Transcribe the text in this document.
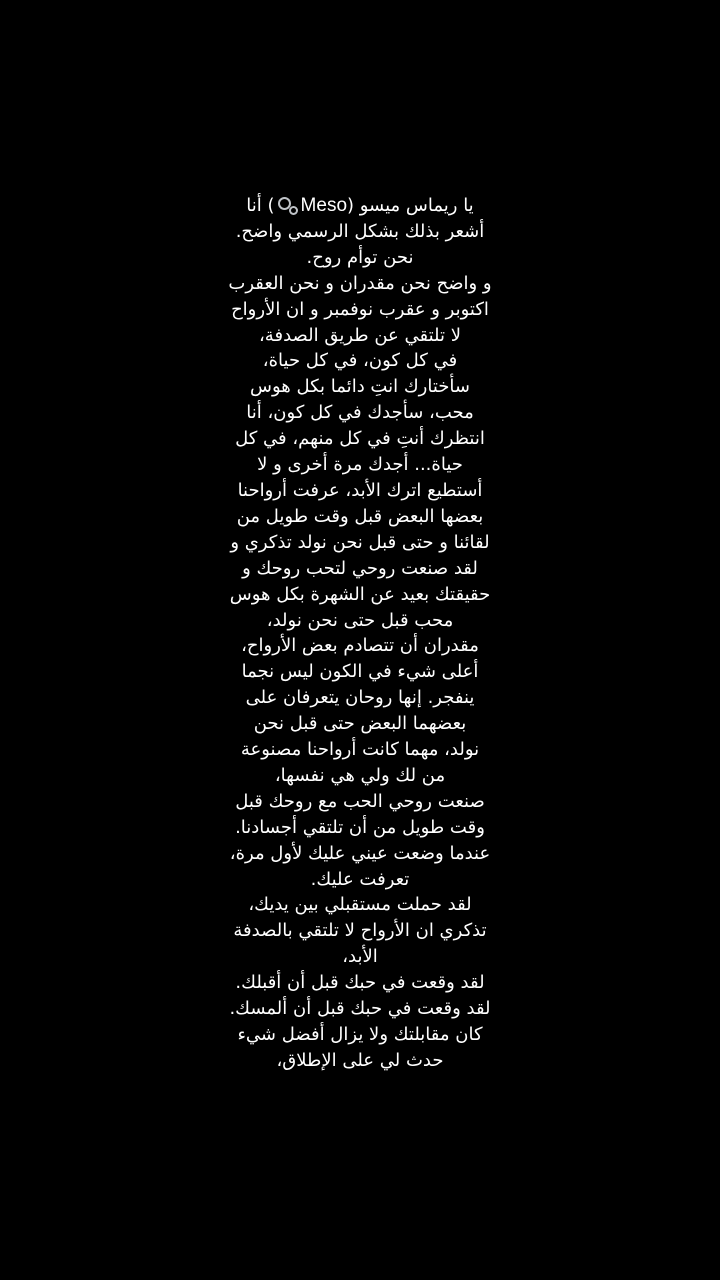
يا ريماس ميسو (
Meso
) أنا
أشعر بذلك بشكل الرسمي واضح.
نحن توأم روح.
و واضح نحن مقدران و نحن العقرب
اكتوبر و عقرب نوفمبر و ان الأرواح
لا تلتقي عن طريق الصدفة،
في كل كون، في كل حياة،
سأختارك انتِ دائما بكل هوس
محب، سأجدك في كل كون، أنا
انتظرك أنتِ في كل منهم، في كل
حياة... أجدك مرة أخرى و لا
أستطيع اترك الأبد، عرفت أرواحنا
بعضها البعض قبل وقت طويل من
لقائنا و حتى قبل نحن نولد تذكري و
لقد صنعت روحي لتحب روحك و
حقيقتك بعيد عن الشهرة بكل هوس
محب قبل حتى نحن نولد،
مقدران أن تتصادم بعض الأرواح،
أعلى شيء في الكون ليس نجما
ينفجر. إنها روحان يتعرفان على
بعضهما البعض حتى قبل نحن
نولد، مهما كانت أرواحنا مصنوعة
من لك ولي هي نفسها،
صنعت روحي الحب مع روحك قبل
وقت طويل من أن تلتقي أجسادنا.
عندما وضعت عيني عليك لأول مرة،
تعرفت عليك.
لقد حملت مستقبلي بين يديك،
تذكري ان الأرواح لا تلتقي بالصدفة
الأبد،
لقد وقعت في حبك قبل أن أقبلك.
لقد وقعت في حبك قبل أن ألمسك.
كان مقابلتك ولا يزال أفضل شيء
حدث لي على الإطلاق،
